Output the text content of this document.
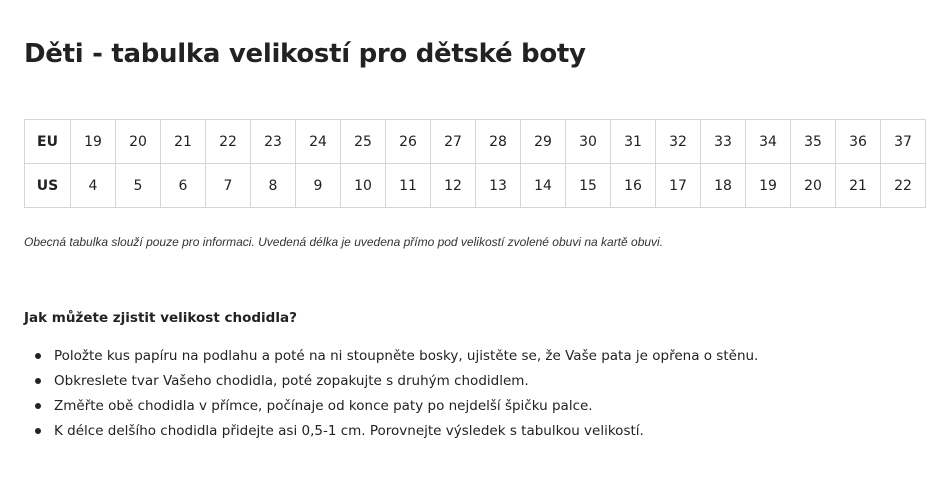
Děti - tabulka velikostí pro dětské boty
EU	19	20	21	22	23	24	25	26	27	28	29	30	31	32	33	34	35	36	37
US	4	5	6	7	8	9	10	11	12	13	14	15	16	17	18	19	20	21	22

Obecná tabulka slouží pouze pro informaci. Uvedená délka je uvedena přímo pod velikostí zvolené obuvi na kartě obuvi.

Jak můžete zjistit velikost chodidla?
Položte kus papíru na podlahu a poté na ni stoupněte bosky, ujistěte se, že Vaše pata je opřena o stěnu.
Obkreslete tvar Vašeho chodidla, poté zopakujte s druhým chodidlem.
Změřte obě chodidla v přímce, počínaje od konce paty po nejdelší špičku palce.
K délce delšího chodidla přidejte asi 0,5-1 cm. Porovnejte výsledek s tabulkou velikostí.
